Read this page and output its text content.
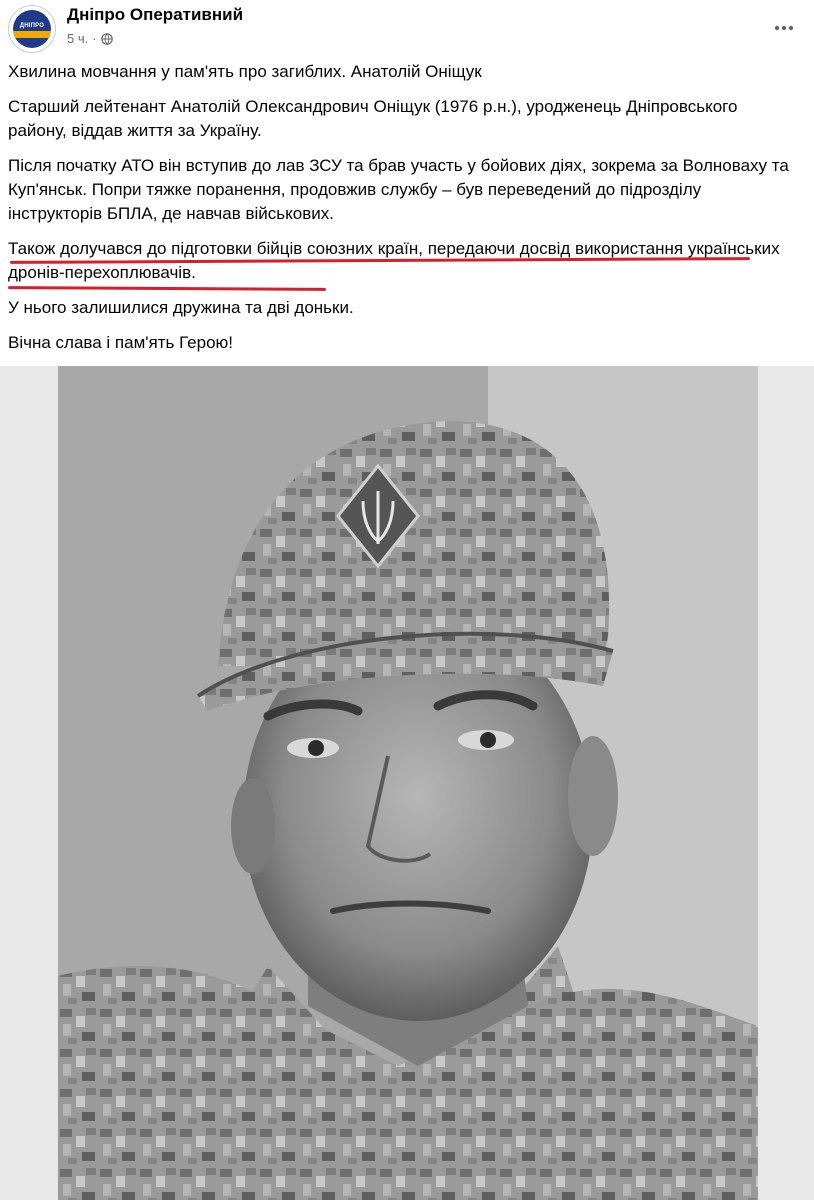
ДНІПРО
Дніпро Оперативний
5 ч. ·

Хвилина мовчання у пам'ять про загиблих. Анатолій Оніщук

Старший лейтенант Анатолій Олександрович Оніщук (1976 р.н.), уродженець Дніпровського району, віддав життя за Україну.

Після початку АТО він вступив до лав ЗСУ та брав участь у бойових діях, зокрема за Волноваху та Куп'янськ. Попри тяжке поранення, продовжив службу – був переведений до підрозділу інструкторів БПЛА, де навчав військових.

Також долучався до підготовки бійців союзних країн, передаючи досвід використання українських дронів-перехоплювачів.

У нього залишилися дружина та дві доньки.

Вічна слава і пам'ять Герою!
